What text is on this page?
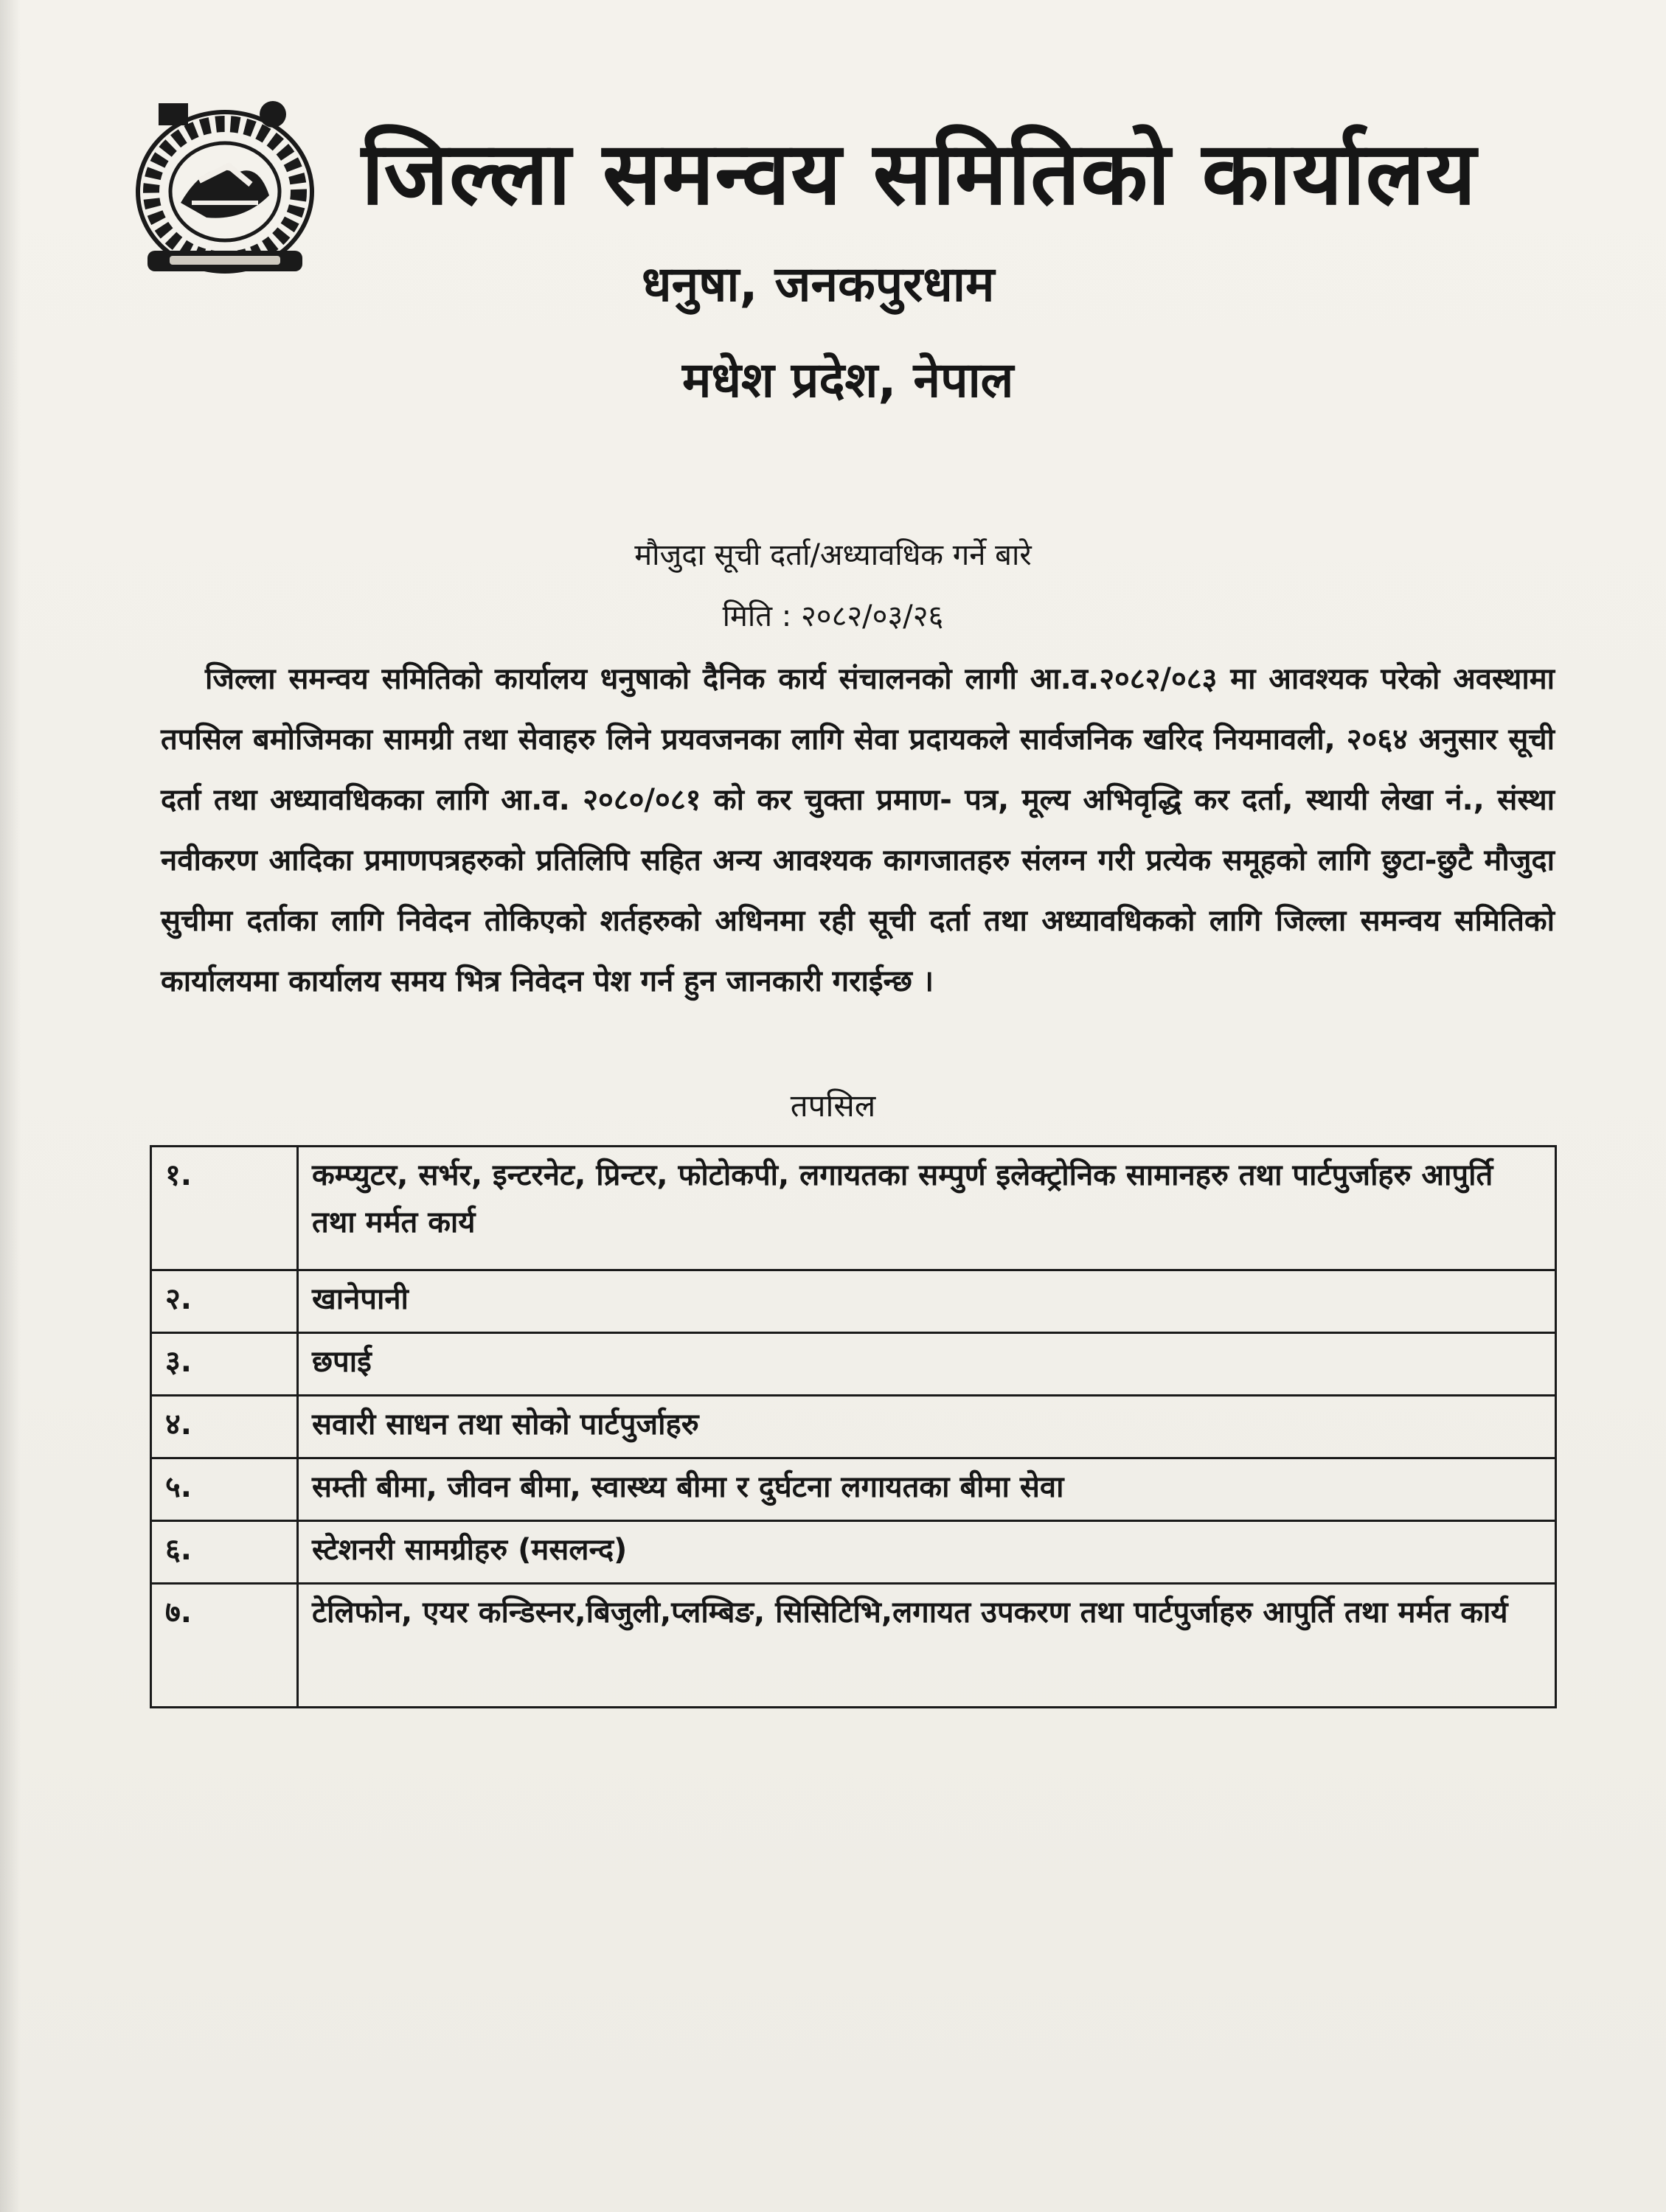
जिल्ला समन्वय समितिको कार्यालय
धनुषा, जनकपुरधाम
मधेश प्रदेश, नेपाल
मौजुदा सूची दर्ता/अध्यावधिक गर्ने बारे
मिति : २०८२/०३/२६
जिल्ला समन्वय समितिको कार्यालय धनुषाको दैनिक कार्य संचालनको लागी आ.व.२०८२/०८३ मा आवश्यक परेको अवस्थामा तपसिल बमोजिमका सामग्री तथा सेवाहरु लिने प्रयवजनका लागि सेवा प्रदायकले सार्वजनिक खरिद नियमावली, २०६४ अनुसार सूची दर्ता तथा अध्यावधिकका लागि आ.व. २०८०/०८१ को कर चुक्ता प्रमाण- पत्र, मूल्य अभिवृद्धि कर दर्ता, स्थायी लेखा नं., संस्था नवीकरण आदिका प्रमाणपत्रहरुको प्रतिलिपि सहित अन्य आवश्यक कागजातहरु संलग्न गरी प्रत्येक समूहको लागि छुटा-छुटै मौजुदा सुचीमा दर्ताका लागि निवेदन तोकिएको शर्तहरुको अधिनमा रही सूची दर्ता तथा अध्यावधिकको लागि जिल्ला समन्वय समितिको कार्यालयमा कार्यालय समय भित्र निवेदन पेश गर्न हुन जानकारी गराईन्छ ।
तपसिल
१.	कम्प्युटर, सर्भर, इन्टरनेट, प्रिन्टर, फोटोकपी, लगायतका सम्पुर्ण इलेक्ट्रोनिक सामानहरु तथा पार्टपुर्जाहरु आपुर्ति तथा मर्मत कार्य
२.	खानेपानी
३.	छपाई
४.	सवारी साधन तथा सोको पार्टपुर्जाहरु
५.	सम्ती बीमा, जीवन बीमा, स्वास्थ्य बीमा र दुर्घटना लगायतका बीमा सेवा
६.	स्टेशनरी सामग्रीहरु (मसलन्द)
७.	टेलिफोन, एयर कन्डिस्नर,बिजुली,प्लम्बिङ, सिसिटिभि,लगायत उपकरण तथा पार्टपुर्जाहरु आपुर्ति तथा मर्मत कार्य
